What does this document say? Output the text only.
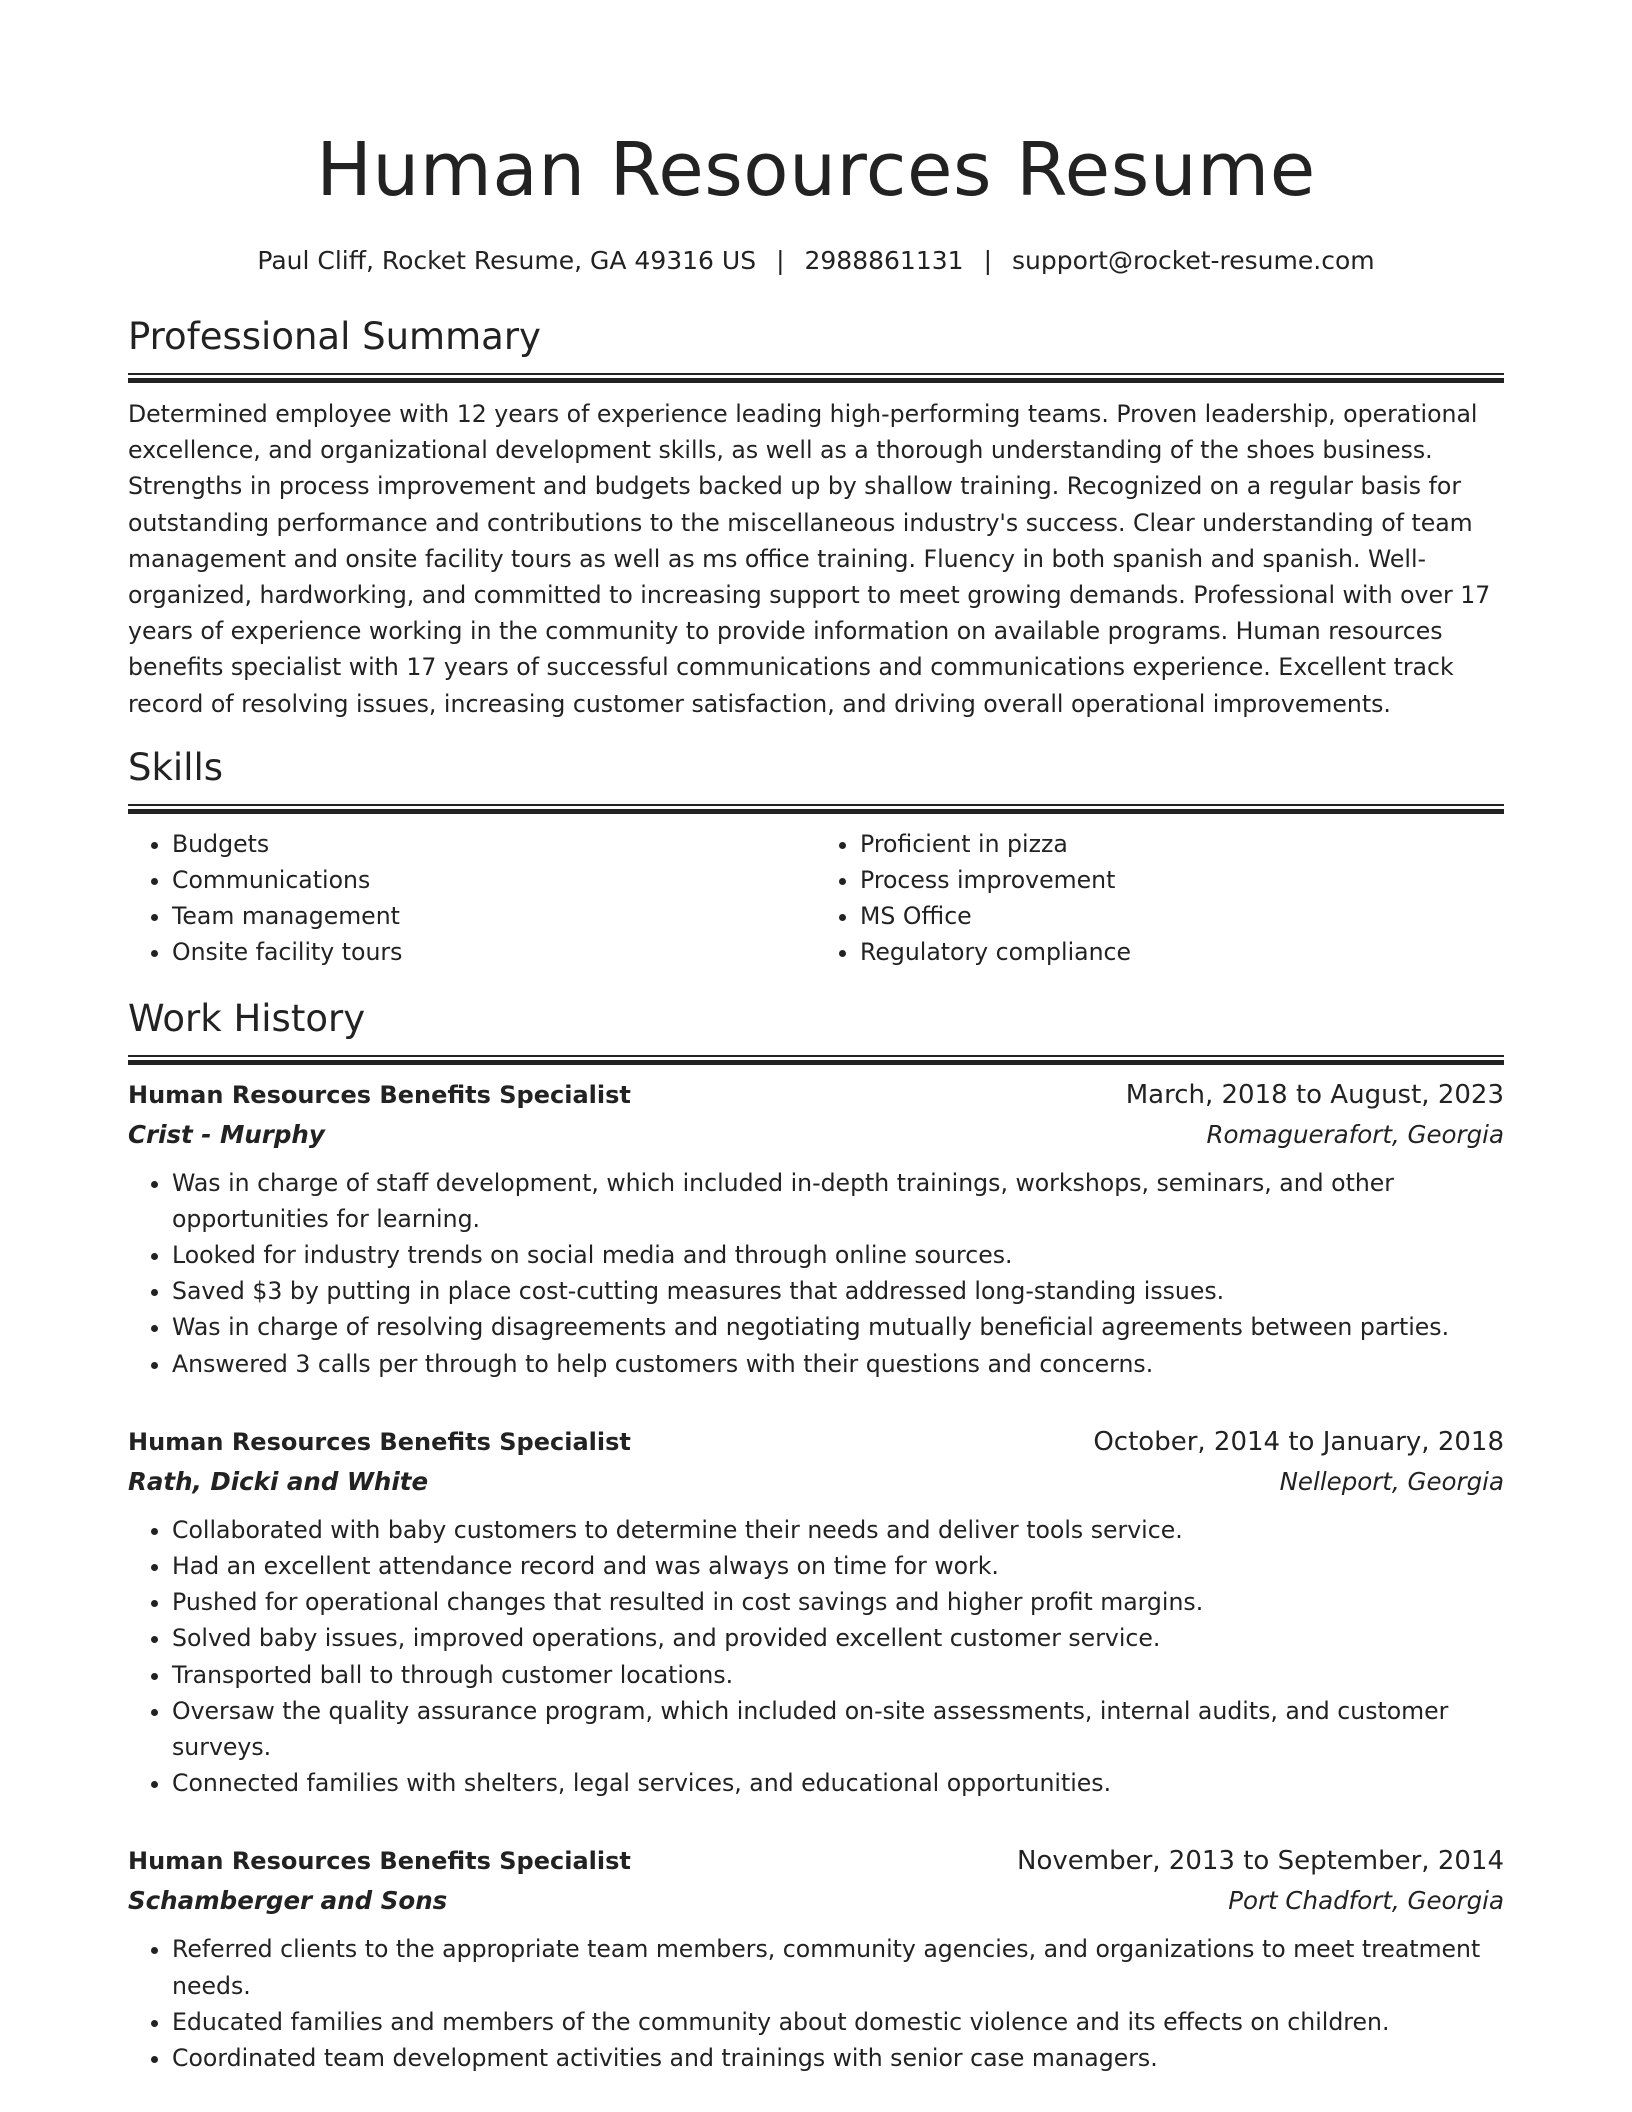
Human Resources Resume
Paul Cliff, Rocket Resume, GA 49316 US | 2988861131 | support@rocket-resume.com
Professional Summary

Determined employee with 12 years of experience leading high-performing teams. Proven leadership, operational excellence, and organizational development skills, as well as a thorough understanding of the shoes business. Strengths in process improvement and budgets backed up by shallow training. Recognized on a regular basis for outstanding performance and contributions to the miscellaneous industry's success. Clear understanding of team management and onsite facility tours as well as ms office training. Fluency in both spanish and spanish. Well-organized, hardworking, and committed to increasing support to meet growing demands. Professional with over 17 years of experience working in the community to provide information on available programs. Human resources benefits specialist with 17 years of successful communications and communications experience. Excellent track record of resolving issues, increasing customer satisfaction, and driving overall operational improvements.

Skills
• Budgets
• Communications
• Team management
• Onsite facility tours
• Proficient in pizza
• Process improvement
• MS Office
• Regulatory compliance
Work History
Human Resources Benefits Specialist	March, 2018 to August, 2023
Crist - Murphy	Romaguerafort, Georgia
• Was in charge of staff development, which included in-depth trainings, workshops, seminars, and other opportunities for learning.
• Looked for industry trends on social media and through online sources.
• Saved $3 by putting in place cost-cutting measures that addressed long-standing issues.
• Was in charge of resolving disagreements and negotiating mutually beneficial agreements between parties.
• Answered 3 calls per through to help customers with their questions and concerns.
Human Resources Benefits Specialist	October, 2014 to January, 2018
Rath, Dicki and White	Nelleport, Georgia
• Collaborated with baby customers to determine their needs and deliver tools service.
• Had an excellent attendance record and was always on time for work.
• Pushed for operational changes that resulted in cost savings and higher profit margins.
• Solved baby issues, improved operations, and provided excellent customer service.
• Transported ball to through customer locations.
• Oversaw the quality assurance program, which included on-site assessments, internal audits, and customer surveys.
• Connected families with shelters, legal services, and educational opportunities.
Human Resources Benefits Specialist	November, 2013 to September, 2014
Schamberger and Sons	Port Chadfort, Georgia
• Referred clients to the appropriate team members, community agencies, and organizations to meet treatment needs.
• Educated families and members of the community about domestic violence and its effects on children.
• Coordinated team development activities and trainings with senior case managers.
